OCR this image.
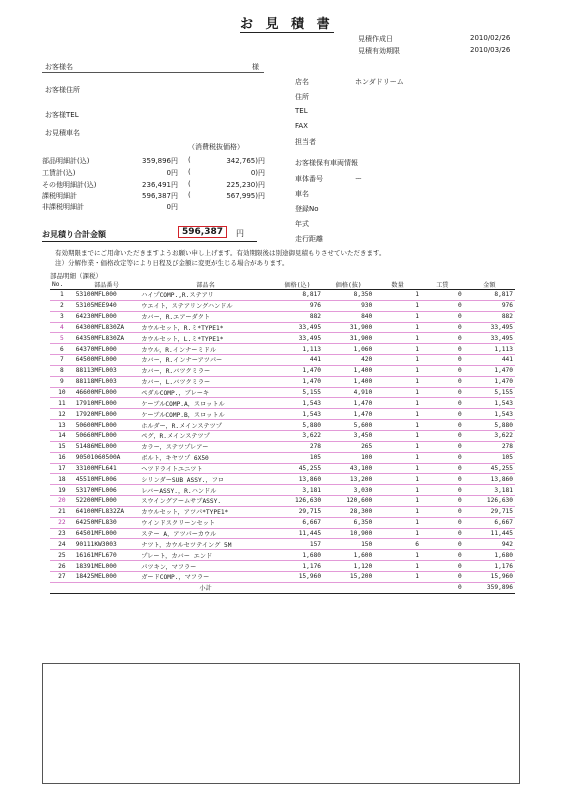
お 見 積 書
見積作成日	2010/02/26
見積有効期限	2010/03/26
お客様名	様
お客様住所
お客様TEL
お見積車名
店名	ホンダドリーム
住所
TEL
FAX
担当者
（消費税抜価格）
部品明細計(込)	359,896円 (	342,765)円
工賃計(込)	0円 (	0)円
その他明細計(込)	236,491円 (	225,230)円
課税明細計	596,387円 (	567,995)円
非課税明細計	0円
お見積り合計金額	596,387	円
お客様保有車両情報
車体番号	ー
車名
登録No
年式
走行距離
有効期限までにご用命いただきますようお願い申し上げます。有効期限後は別途御見積もりさせていただきます。
注）分解作業・価格改定等により日程及び金額に変更が生じる場合があります。
部品明細（課税）
No.	部品番号	部品名	価格(込)	価格(抜)	数量	工賃	金額
1	53100MFL000	ハイプCOMP.,R.ステアリ	8,817	8,350	1	0	8,817
2	53105MEE940	ウエイト，ステアリングハンドル	976	930	1	0	976
3	64230MFL000	カバー，R.エアーダクト	882	840	1	0	882
4	64300MFL830ZA	カウルセット，R.ミ*TYPE1*	33,495	31,900	1	0	33,495
5	64350MFL830ZA	カウルセット，L.ミ*TYPE1*	33,495	31,900	1	0	33,495
6	64370MFL000	カウル，R.インナーミドル	1,113	1,060	1	0	1,113
7	64500MFL000	カバー，R.インナーアツパー	441	420	1	0	441
8	88113MFL003	カバー，R.バツクミラー	1,470	1,400	1	0	1,470
9	88118MFL003	カバー，L.バツクミラー	1,470	1,400	1	0	1,470
10	46600MFL000	ペダルCOMP.，ブレーキ	5,155	4,910	1	0	5,155
11	17910MFL000	ケーブルCOMP.A，スロットル	1,543	1,470	1	0	1,543
12	17920MFL000	ケーブルCOMP.B，スロットル	1,543	1,470	1	0	1,543
13	50600MFL000	ホルダー，R.メインステツプ	5,880	5,600	1	0	5,880
14	50660MFL000	ペグ，R.メインステツプ	3,622	3,450	1	0	3,622
15	51486MEL000	カラー，ステツプレアー	278	265	1	0	278
16	90501060500A	ボルト，キヤツプ 6X50	105	100	1	0	105
17	33100MFL641	ヘツドライトユニツト	45,255	43,100	1	0	45,255
18	45510MFL006	シリンダーSUB ASSY.，フロ	13,860	13,200	1	0	13,860
19	53170MFL006	レバーASSY.，R.ハンドル	3,181	3,030	1	0	3,181
20	52200MFL000	スウイングアームサブASSY.	126,630	120,600	1	0	126,630
21	64100MFL832ZA	カウルセット，アツパ*TYPE1*	29,715	28,300	1	0	29,715
22	64250MFL830	ウインドスクリーンセット	6,667	6,350	1	0	6,667
23	64501MFL000	ステー A，アツパーカウル	11,445	10,900	1	0	11,445
24	90111KW3003	ナツト，カウルセツテイング 5M	157	150	6	0	942
25	16161MFL670	プレート，カバー エンド	1,680	1,600	1	0	1,680
26	18391MEL000	パツキン，マフラー	1,176	1,120	1	0	1,176
27	18425MEL000	ガードCOMP.，マフラー	15,960	15,200	1	0	15,960
		小計				0	359,896
